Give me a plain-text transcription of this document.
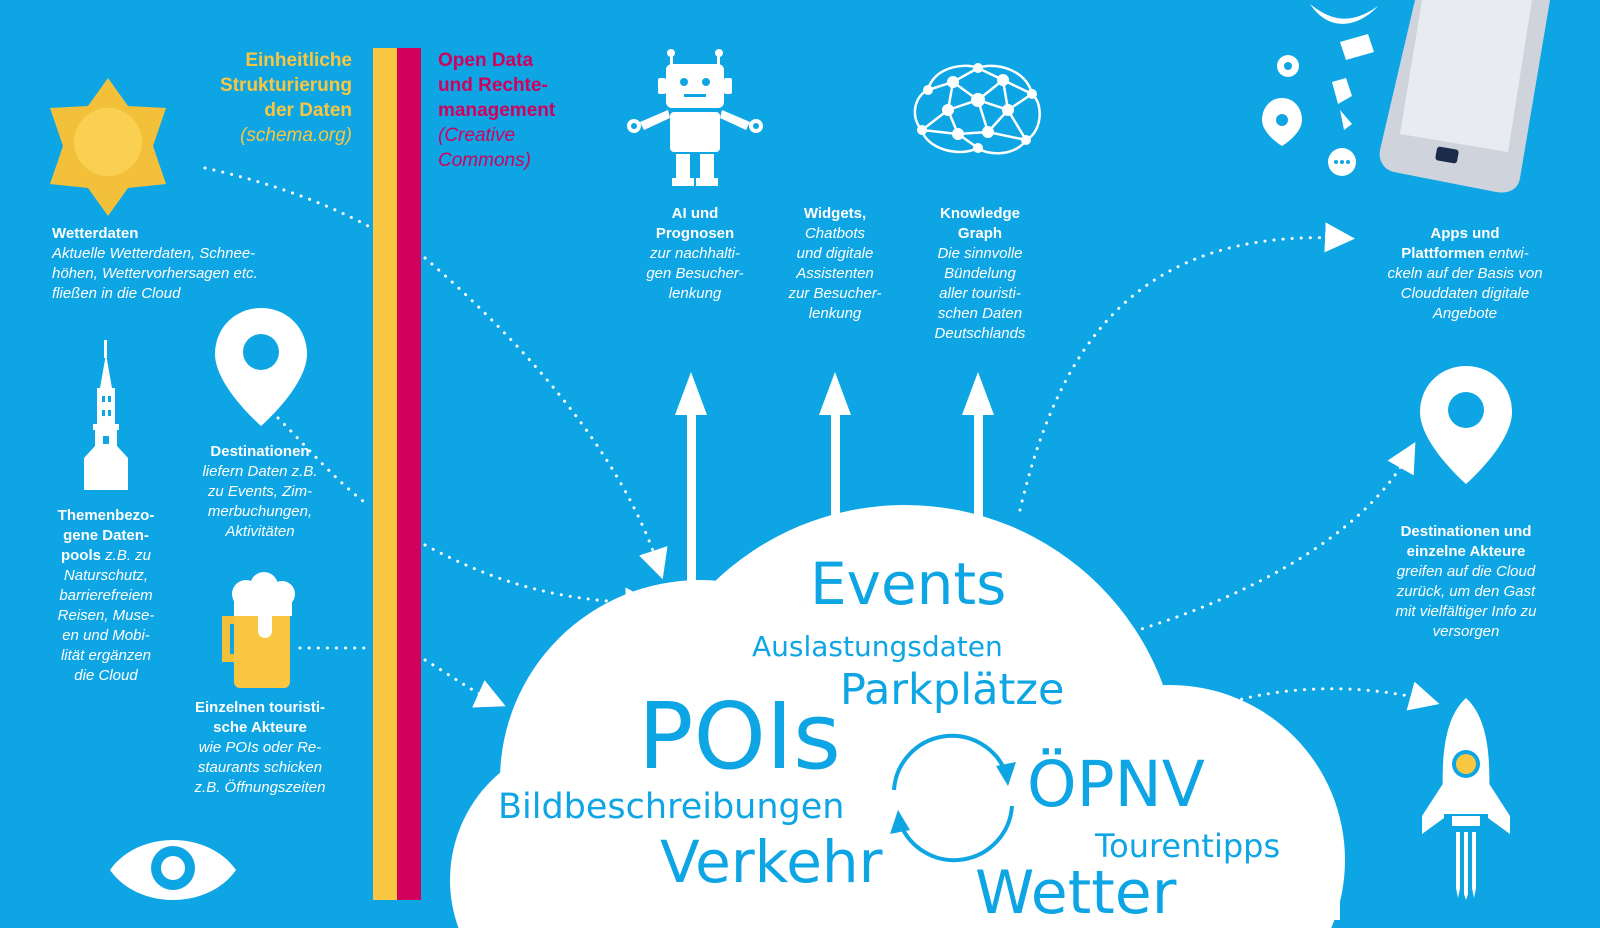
Einheitliche
Strukturierung
der Daten
(schema.org)
Open Data
und Rechte-
management
(Creative
Commons)
Events
Auslastungsdaten
Parkplätze
POIs
Bildbeschreibungen
Verkehr
ÖPNV
Tourentipps
Wetter
Wetterdaten
Aktuelle Wetterdaten, Schnee-
höhen, Wettervorhersagen etc.
fließen in die Cloud
Destinationen
liefern Daten z.B.
zu Events, Zim-
merbuchungen,
Aktivitäten
Themenbezo-
gene Daten-
pools z.B. zu
Naturschutz,
barrierefreiem
Reisen, Muse-
en und Mobi-
lität ergänzen
die Cloud
Einzelnen touristi-
sche Akteure
wie POIs oder Re-
staurants schicken
z.B. Öffnungszeiten
AI und
Prognosen
zur nachhalti-
gen Besucher-
lenkung
Widgets,
Chatbots
und digitale
Assistenten
zur Besucher-
lenkung
Knowledge
Graph
Die sinnvolle
Bündelung
aller touristi-
schen Daten
Deutschlands
Apps und
Plattformen entwi-
ckeln auf der Basis von
Clouddaten digitale
Angebote
Destinationen und
einzelne Akteure
greifen auf die Cloud
zurück, um den Gast
mit vielfältiger Info zu
versorgen
